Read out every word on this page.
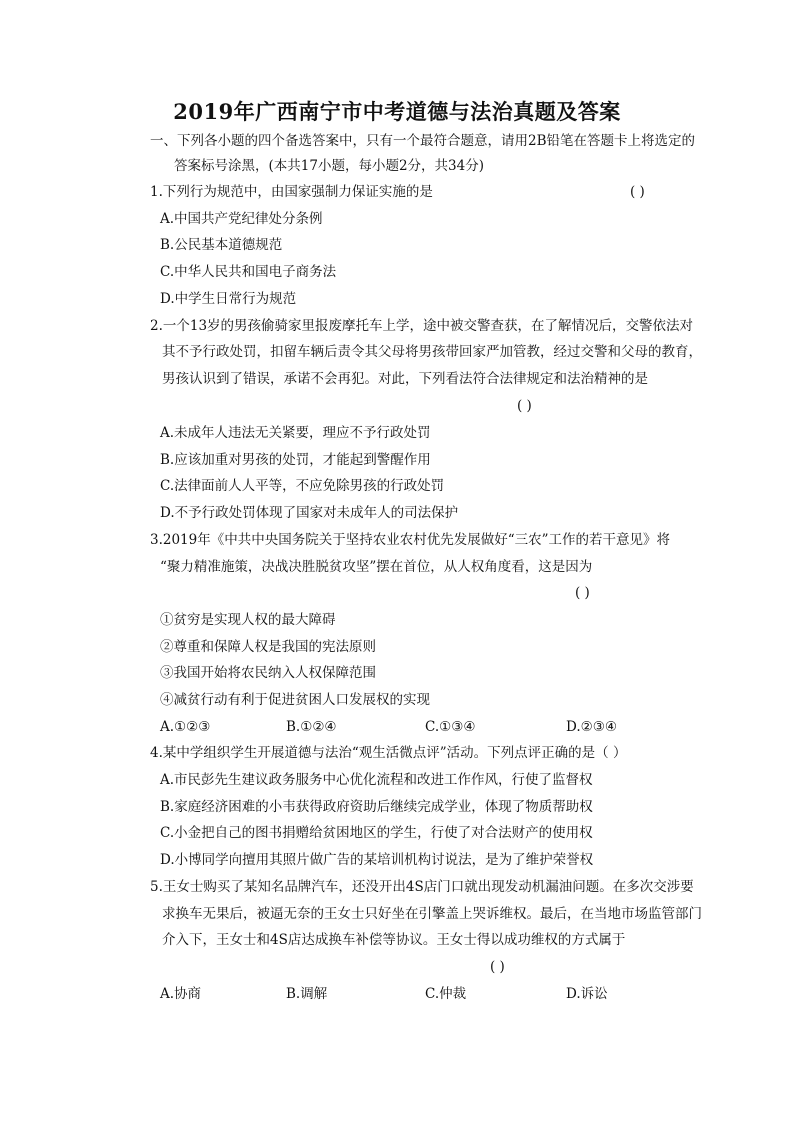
2019年广西南宁市中考道德与法治真题及答案
一、下列各小题的四个备选答案中，只有一个最符合题意，请用2B铅笔在答题卡上将选定的
答案标号涂黑，(本共17小题，每小题2分，共34分)
1.下列行为规范中，由国家强制力保证实施的是	( )
A.中国共产党纪律处分条例
B.公民基本道德规范
C.中华人民共和国电子商务法
D.中学生日常行为规范
2.一个13岁的男孩偷骑家里报废摩托车上学，途中被交警查获，在了解情况后，交警依法对
其不予行政处罚，扣留车辆后责令其父母将男孩带回家严加管教，经过交警和父母的教育，
男孩认识到了错误，承诺不会再犯。对此，下列看法符合法律规定和法治精神的是
( )
A.未成年人违法无关紧要，理应不予行政处罚
B.应该加重对男孩的处罚，才能起到警醒作用
C.法律面前人人平等，不应免除男孩的行政处罚
D.不予行政处罚体现了国家对未成年人的司法保护
3.2019年《中共中央国务院关于坚持农业农村优先发展做好“三农”工作的若干意见》将
“聚力精准施策，决战决胜脱贫攻坚”摆在首位，从人权角度看，这是因为
( )
①贫穷是实现人权的最大障碍
②尊重和保障人权是我国的宪法原则
③我国开始将农民纳入人权保障范围
④减贫行动有利于促进贫困人口发展权的实现
A.①②③	B.①②④	C.①③④	D.②③④
4.某中学组织学生开展道德与法治“观生活微点评”活动。下列点评正确的是（ ）
A.市民彭先生建议政务服务中心优化流程和改进工作作风，行使了监督权
B.家庭经济困难的小韦获得政府资助后继续完成学业，体现了物质帮助权
C.小金把自己的图书捐赠给贫困地区的学生，行使了对合法财产的使用权
D.小博同学向擅用其照片做广告的某培训机构讨说法，是为了维护荣誉权
5.王女士购买了某知名品牌汽车，还没开出4S店门口就出现发动机漏油问题。在多次交涉要
求换车无果后，被逼无奈的王女士只好坐在引擎盖上哭诉维权。最后，在当地市场监管部门
介入下，王女士和4S店达成换车补偿等协议。王女士得以成功维权的方式属于
( )
A.协商	B.调解	C.仲裁	D.诉讼
